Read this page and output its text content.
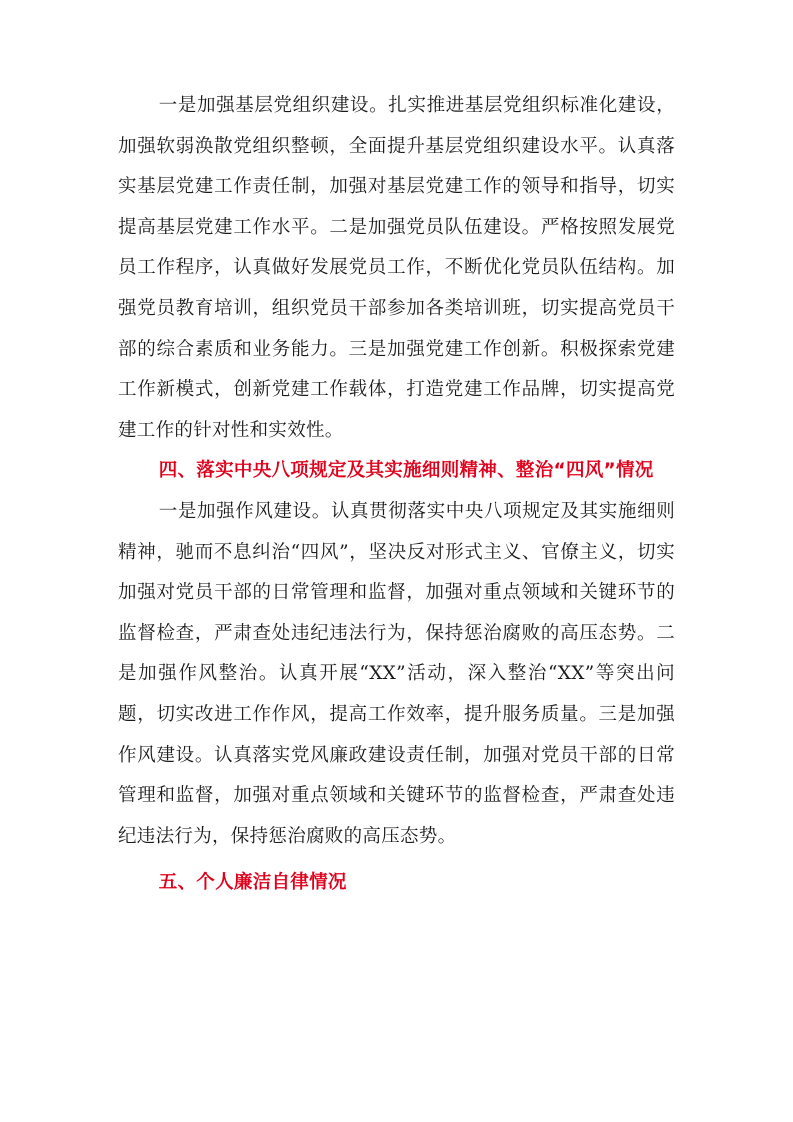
一是加强基层党组织建设。扎实推进基层党组织标准化建设，加强软弱涣散党组织整顿，全面提升基层党组织建设水平。认真落实基层党建工作责任制，加强对基层党建工作的领导和指导，切实提高基层党建工作水平。二是加强党员队伍建设。严格按照发展党员工作程序，认真做好发展党员工作，不断优化党员队伍结构。加强党员教育培训，组织党员干部参加各类培训班，切实提高党员干部的综合素质和业务能力。三是加强党建工作创新。积极探索党建工作新模式，创新党建工作载体，打造党建工作品牌，切实提高党建工作的针对性和实效性。

四、落实中央八项规定及其实施细则精神、整治“四风”情况

一是加强作风建设。认真贯彻落实中央八项规定及其实施细则精神，驰而不息纠治“四风”，坚决反对形式主义、官僚主义，切实加强对党员干部的日常管理和监督，加强对重点领域和关键环节的监督检查，严肃查处违纪违法行为，保持惩治腐败的高压态势。二是加强作风整治。认真开展“XX”活动，深入整治“XX”等突出问题，切实改进工作作风，提高工作效率，提升服务质量。三是加强作风建设。认真落实党风廉政建设责任制，加强对党员干部的日常管理和监督，加强对重点领域和关键环节的监督检查，严肃查处违纪违法行为，保持惩治腐败的高压态势。

五、个人廉洁自律情况
